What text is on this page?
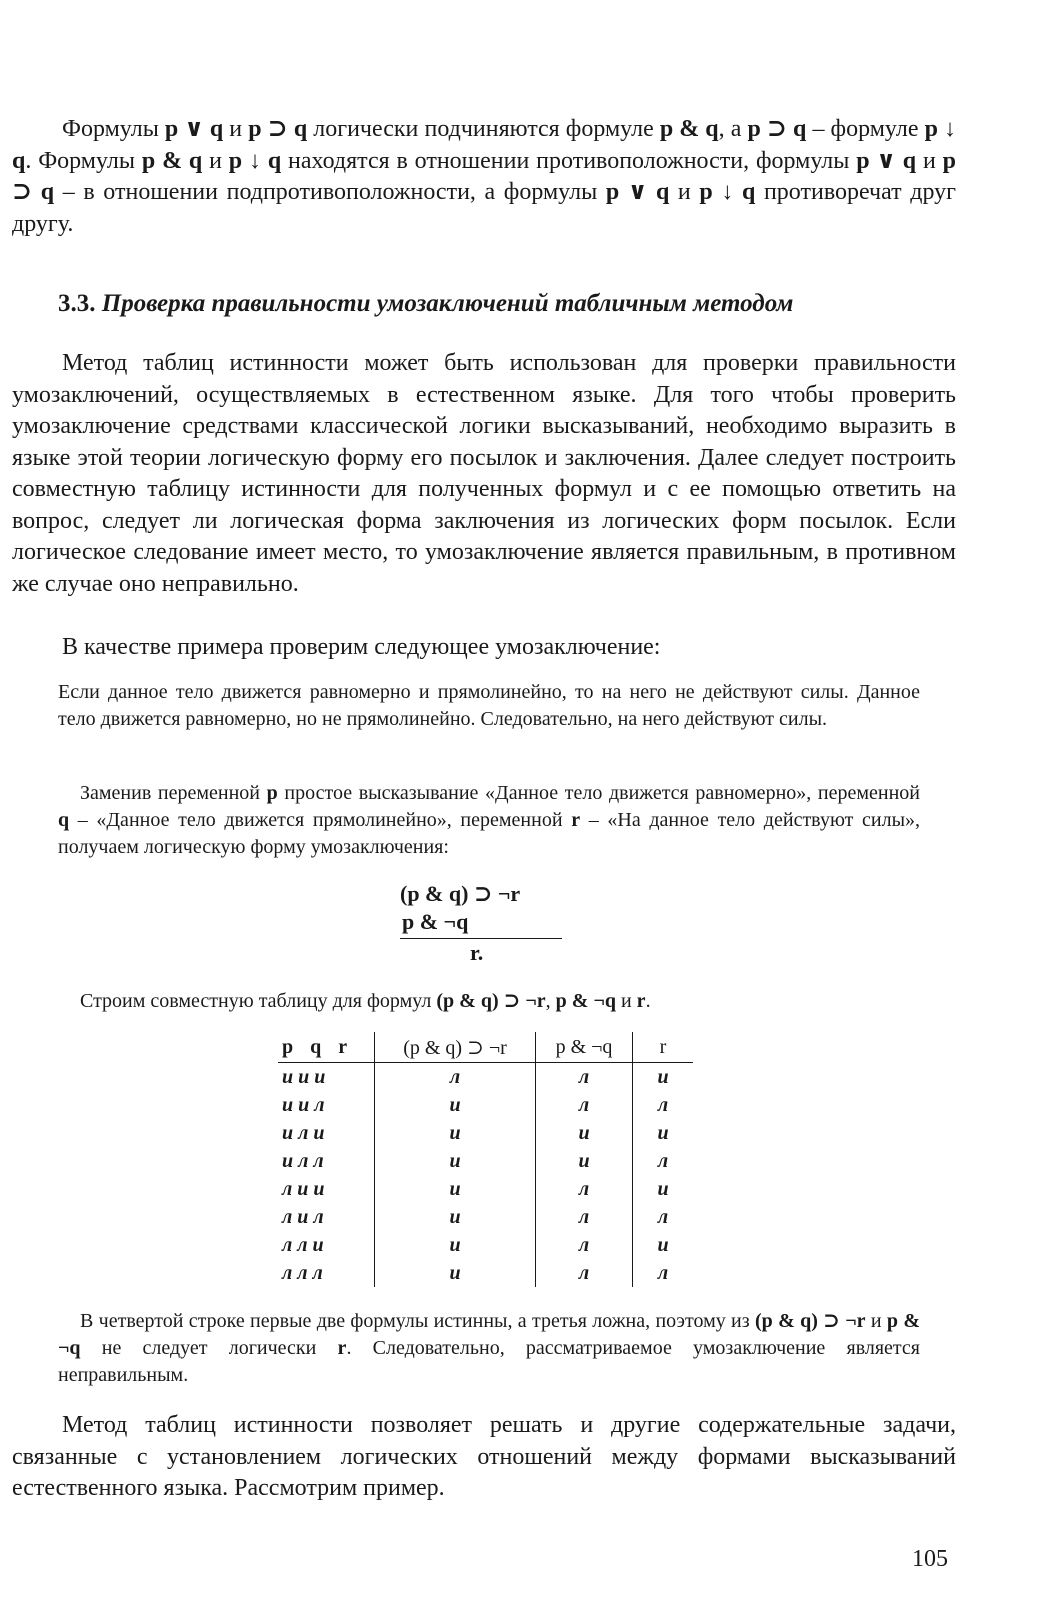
Формулы p ∨ q и p ⊃ q логически подчиняются формуле p & q, а p ⊃ q – формуле p ↓ q. Формулы p & q и p ↓ q находятся в отношении противоположности, формулы p ∨ q и p ⊃ q – в отношении подпротивоположности, а формулы p ∨ q и p ↓ q противоречат друг другу.

3.3. Проверка правильности умозаключений табличным методом

Метод таблиц истинности может быть использован для проверки правильности умозаключений, осуществляемых в естественном языке. Для того чтобы проверить умозаключение средствами классической логики высказываний, необходимо выразить в языке этой теории логическую форму его посылок и заключения. Далее следует построить совместную таблицу истинности для полученных формул и с ее помощью ответить на вопрос, следует ли логическая форма заключения из логических форм посылок. Если логическое следование имеет место, то умозаключение является правильным, в противном же случае оно неправильно.

В качестве примера проверим следующее умозаключение:

Если данное тело движется равномерно и прямолинейно, то на него не действуют силы. Данное тело движется равномерно, но не прямолинейно. Следовательно, на него действуют силы.

Заменив переменной p простое высказывание «Данное тело движется равномерно», переменной q – «Данное тело движется прямолинейно», переменной r – «На данное тело действуют силы», получаем логическую форму умозаключения:

(p & q) ⊃ ¬r
p & ¬q
r.

Строим совместную таблицу для формул (p & q) ⊃ ¬r, p & ¬q и r.

p q r	(p & q) ⊃ ¬r	p & ¬q	r
и и и	л	л	и
и и л	и	л	л
и л и	и	и	и
и л л	и	и	л
л и и	и	л	и
л и л	и	л	л
л л и	и	л	и
л л л	и	л	л

В четвертой строке первые две формулы истинны, а третья ложна, поэтому из (p & q) ⊃ ¬r и p & ¬q не следует логически r. Следовательно, рассматриваемое умозаключение является неправильным.

Метод таблиц истинности позволяет решать и другие содержательные задачи, связанные с установлением логических отношений между формами высказываний естественного языка. Рассмотрим пример.

105
